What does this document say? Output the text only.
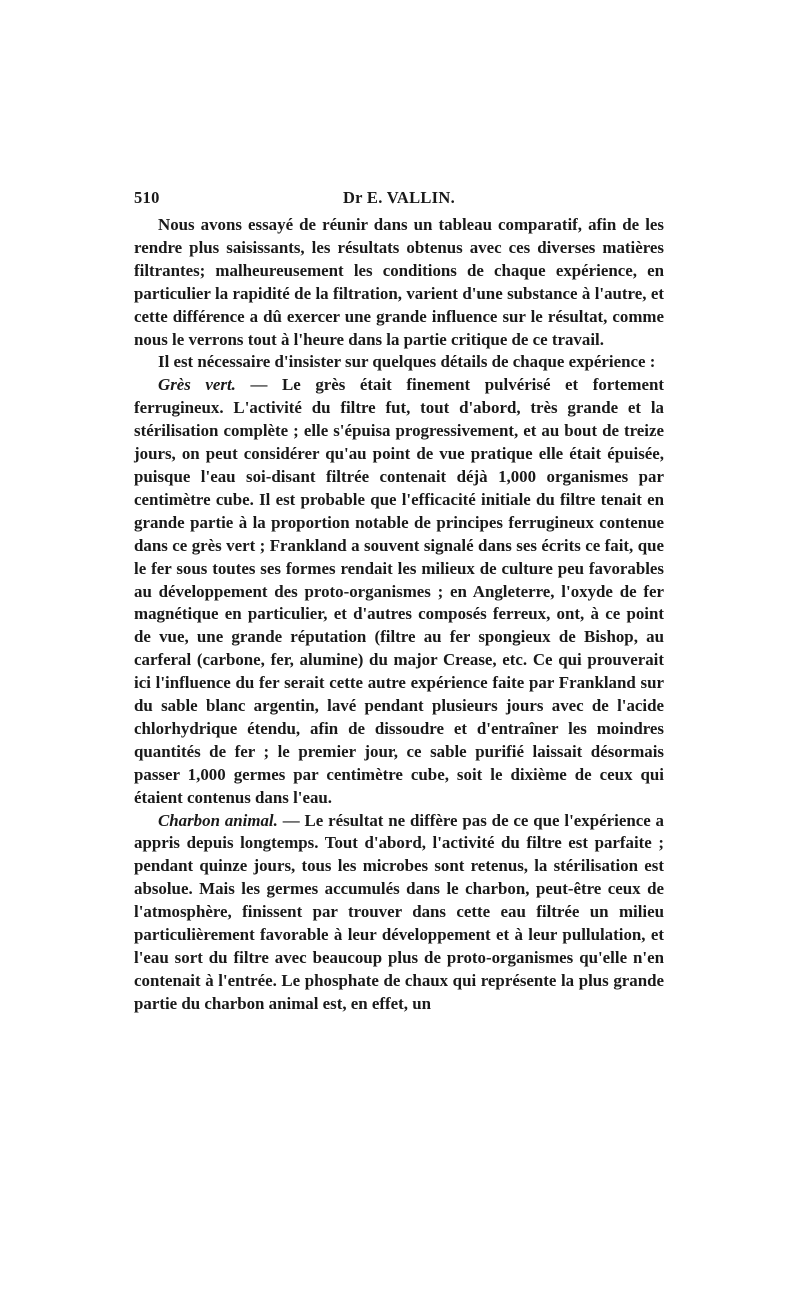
510	Dr E. VALLIN.

Nous avons essayé de réunir dans un tableau comparatif, afin de les rendre plus saisissants, les résultats obtenus avec ces diverses matières filtrantes; malheureusement les conditions de chaque expérience, en particulier la rapidité de la filtration, varient d'une substance à l'autre, et cette différence a dû exercer une grande influence sur le résultat, comme nous le verrons tout à l'heure dans la partie critique de ce travail.

Il est nécessaire d'insister sur quelques détails de chaque expérience :

Grès vert. — Le grès était finement pulvérisé et fortement ferrugineux. L'activité du filtre fut, tout d'abord, très grande et la stérilisation complète ; elle s'épuisa progressivement, et au bout de treize jours, on peut considérer qu'au point de vue pratique elle était épuisée, puisque l'eau soi-disant filtrée contenait déjà 1,000 organismes par centimètre cube. Il est probable que l'efficacité initiale du filtre tenait en grande partie à la proportion notable de principes ferrugineux contenue dans ce grès vert ; Frankland a souvent signalé dans ses écrits ce fait, que le fer sous toutes ses formes rendait les milieux de culture peu favorables au développement des proto-organismes ; en Angleterre, l'oxyde de fer magnétique en particulier, et d'autres composés ferreux, ont, à ce point de vue, une grande réputation (filtre au fer spongieux de Bishop, au carferal (carbone, fer, alumine) du major Crease, etc. Ce qui prouverait ici l'influence du fer serait cette autre expérience faite par Frankland sur du sable blanc argentin, lavé pendant plusieurs jours avec de l'acide chlorhydrique étendu, afin de dissoudre et d'entraîner les moindres quantités de fer ; le premier jour, ce sable purifié laissait désormais passer 1,000 germes par centimètre cube, soit le dixième de ceux qui étaient contenus dans l'eau.

Charbon animal. — Le résultat ne diffère pas de ce que l'expérience a appris depuis longtemps. Tout d'abord, l'activité du filtre est parfaite ; pendant quinze jours, tous les microbes sont retenus, la stérilisation est absolue. Mais les germes accumulés dans le charbon, peut-être ceux de l'atmosphère, finissent par trouver dans cette eau filtrée un milieu particulièrement favorable à leur développement et à leur pullulation, et l'eau sort du filtre avec beaucoup plus de proto-organismes qu'elle n'en contenait à l'entrée. Le phosphate de chaux qui représente la plus grande partie du charbon animal est, en effet, un
